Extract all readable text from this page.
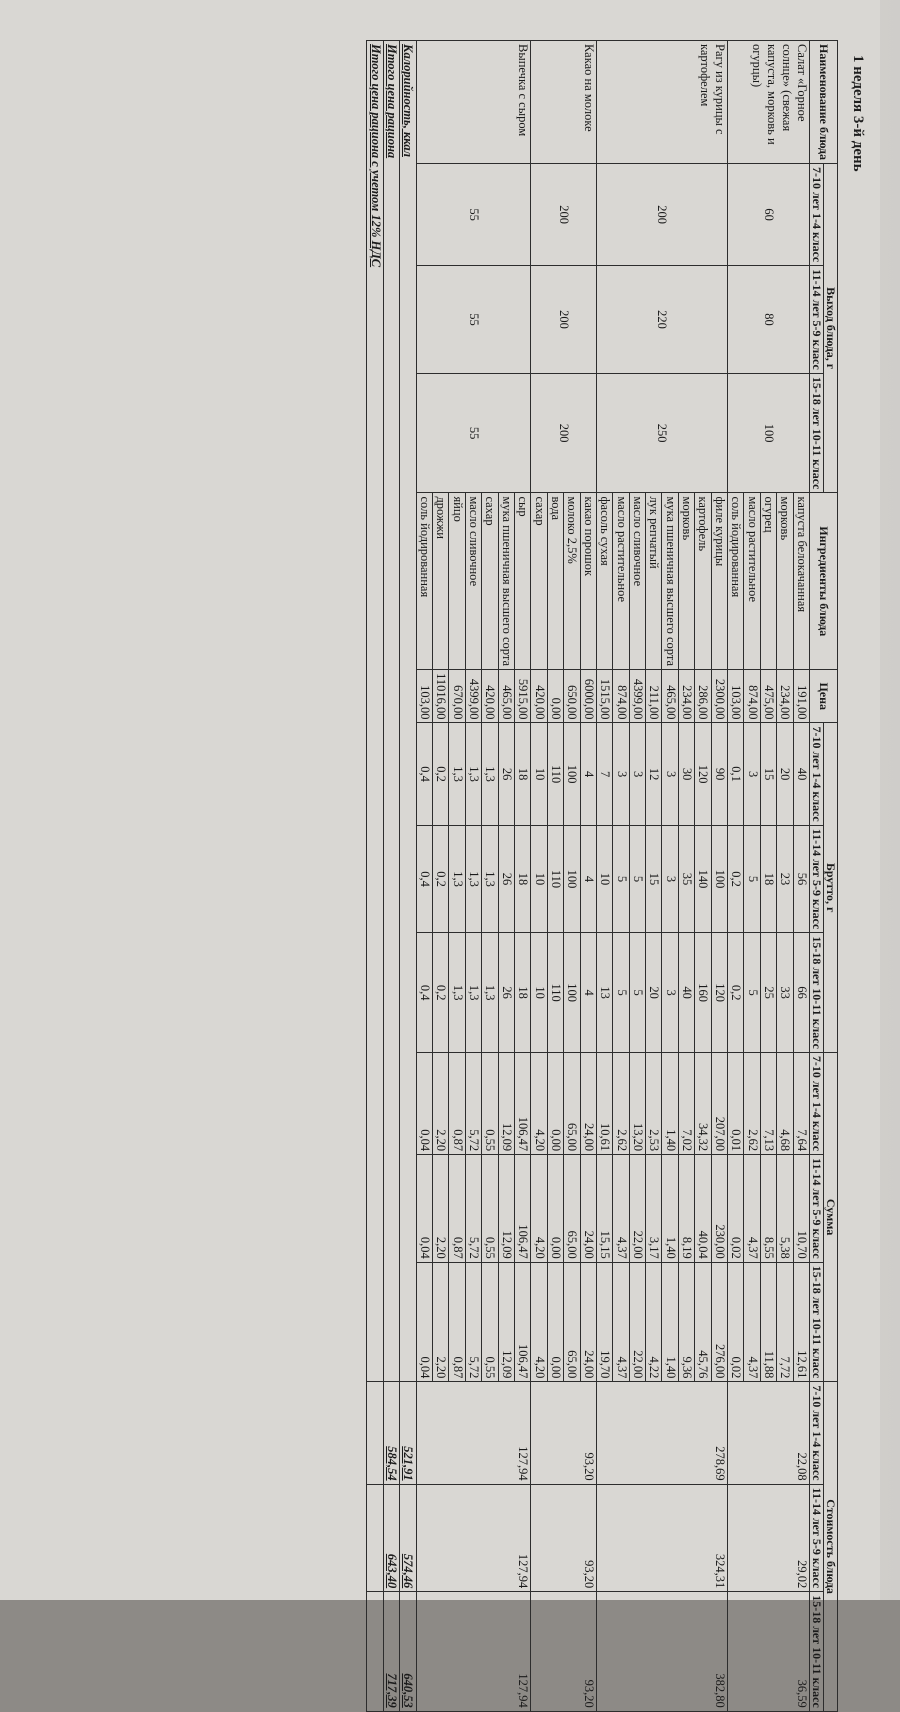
1 неделя 3-й день
Наименование блюда	Выход блюда, г			Ингредиенты блюда	Цена	Брутто, г			Сумма			Стоимость блюда		
	7-10 лет 1-4 класс	11-14 лет 5-9 класс	15-18 лет 10-11 класс			7-10 лет 1-4 класс	11-14 лет 5-9 класс	15-18 лет 10-11 класс	7-10 лет 1-4 класс	11-14 лет 5-9 класс	15-18 лет 10-11 класс	7-10 лет 1-4 класс	11-14 лет 5-9 класс	15-18 лет 10-11 класс
Салат «Горное солнце» (свежая капуста, морковь и огурцы)	60	80	100	капуста белокачанная	191,00	40	56	66	7,64	10,70	12,61	22,08	29,02	36,59
				морковь	234,00	20	23	33	4,68	5,38	7,72			
				огурец	475,00	15	18	25	7,13	8,55	11,88			
				масло растительное	874,00	3	5	5	2,62	4,37	4,37			
				соль йодированная	103,00	0,1	0,2	0,2	0,01	0,02	0,02			
Рагу из курицы с картофелем	200	220	250	филе курицы	2300,00	90	100	120	207,00	230,00	276,00	278,69	324,31	382,80
				картофель	286,00	120	140	160	34,32	40,04	45,76			
				морковь	234,00	30	35	40	7,02	8,19	9,36			
				мука пшеничная высшего сорта	465,00	3	3	3	1,40	1,40	1,40			
				лук репчатый	211,00	12	15	20	2,53	3,17	4,22			
				масло сливочное	4399,00	3	5	5	13,20	22,00	22,00			
				масло растительное	874,00	3	5	5	2,62	4,37	4,37			
				фасоль сухая	1515,00	7	10	13	10,61	15,15	19,70			
Какао на молоке	200	200	200	какао порошок	6000,00	4	4	4	24,00	24,00	24,00	93,20	93,20	93,20
				молоко 2,5%	650,00	100	100	100	65,00	65,00	65,00			
				вода	0,00	110	110	110	0,00	0,00	0,00			
				сахар	420,00	10	10	10	4,20	4,20	4,20			
Выпечка с сыром	55	55	55	сыр	5915,00	18	18	18	106,47	106,47	106,47	127,94	127,94	127,94
				мука пшеничная высшего сорта	465,00	26	26	26	12,09	12,09	12,09			
				сахар	420,00	1,3	1,3	1,3	0,55	0,55	0,55			
				масло сливочное	4399,00	1,3	1,3	1,3	5,72	5,72	5,72			
				яйцо	670,00	1,3	1,3	1,3	0,87	0,87	0,87			
				дрожжи	11016,00	0,2	0,2	0,2	2,20	2,20	2,20			
				соль йодированная	103,00	0,4	0,4	0,4	0,04	0,04	0,04			
Калорийность, ккал												521,91	574,46	640,53
Итого цена рациона												584,54	643,40	717,39
Итого цена рациона с учетом 12% НДС														
